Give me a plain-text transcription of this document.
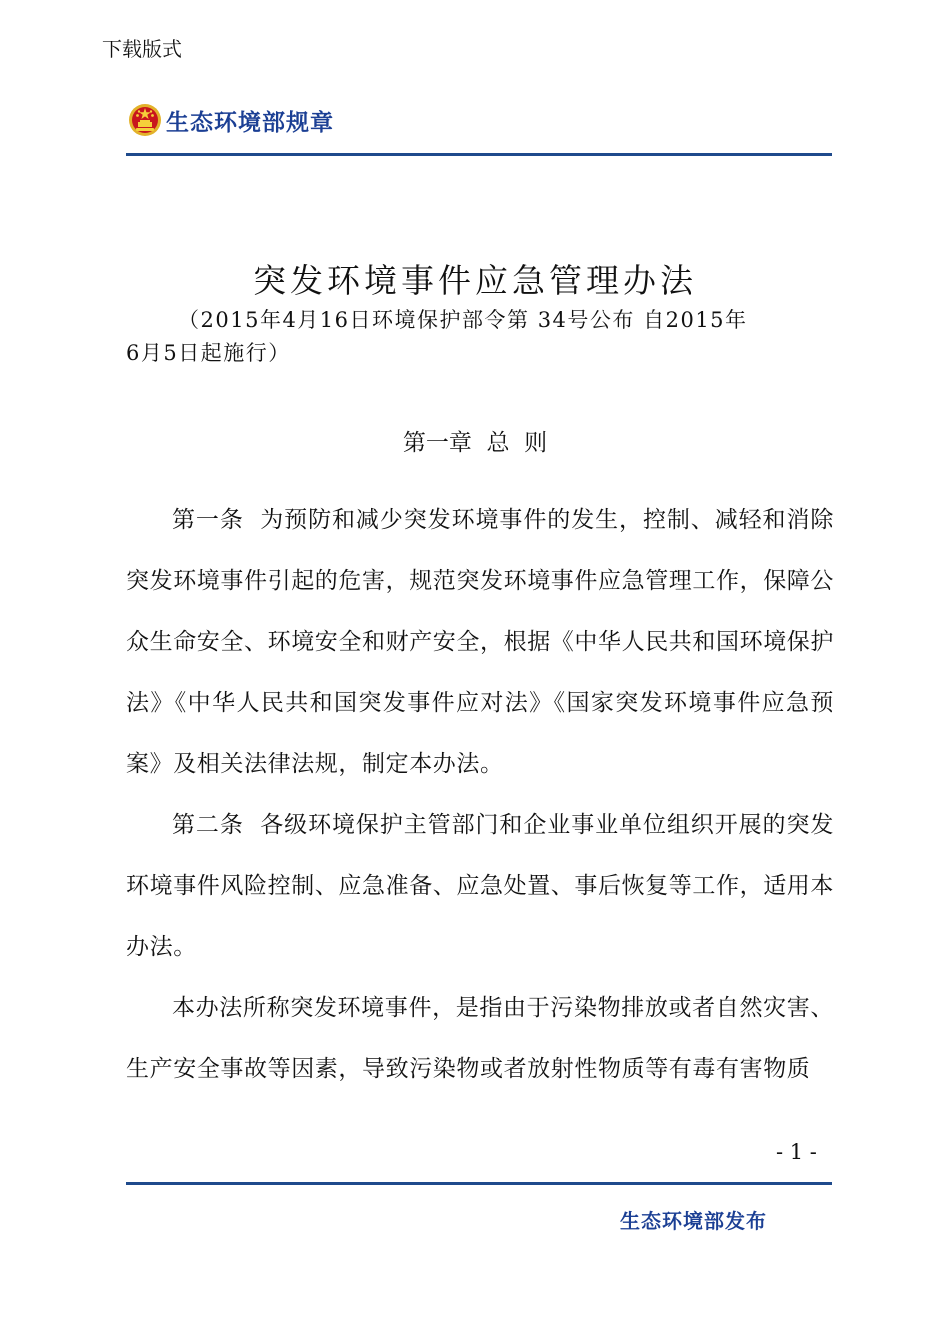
下载版式
生态环境部规章
突发环境事件应急管理办法
（2015年4月16日环境保护部令第 34号公布 自2015年
6月5日起施行）
第一章  总  则

第一条  为预防和减少突发环境事件的发生，控制、减轻和消除突发环境事件引起的危害，规范突发环境事件应急管理工作，保障公众生命安全、环境安全和财产安全，根据《中华人民共和国环境保护法》《中华人民共和国突发事件应对法》《国家突发环境事件应急预案》及相关法律法规，制定本办法。

第二条  各级环境保护主管部门和企业事业单位组织开展的突发环境事件风险控制、应急准备、应急处置、事后恢复等工作，适用本办法。

本办法所称突发环境事件，是指由于污染物排放或者自然灾害、生产安全事故等因素，导致污染物或者放射性物质等有毒有害物质

- 1 -
生态环境部发布
